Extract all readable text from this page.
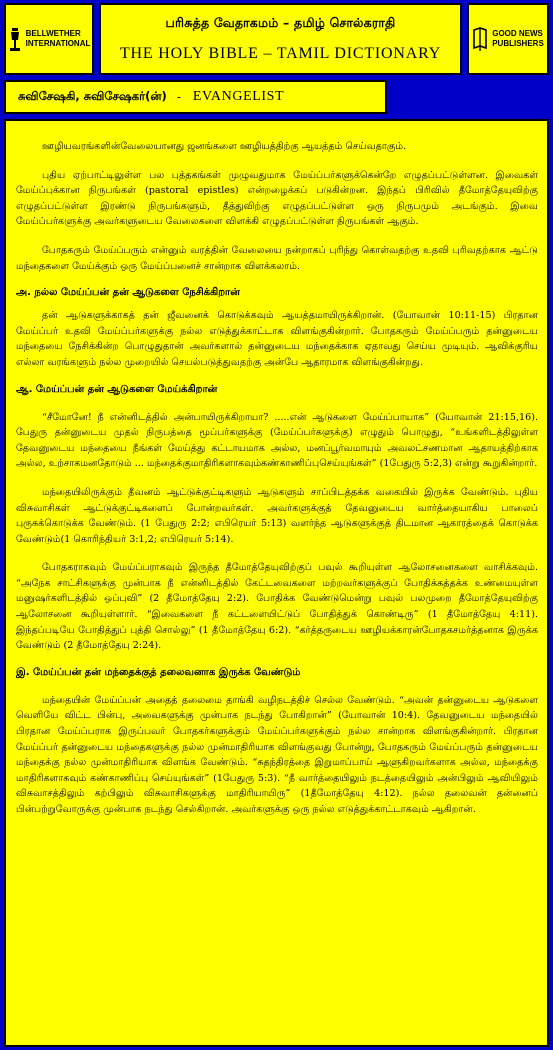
BELLWETHER
INTERNATIONAL
பரிசுத்த வேதாகமம் – தமிழ் சொல்கராதி
THE HOLY BIBLE – TAMIL DICTIONARY
GOOD NEWS
PUBLISHERS
சுவிசேஷகி, சுவிசேஷகர்(ன்) - EVANGELIST

ஊழியவரங்களின்வேலையானது ஜனங்களை ஊழியத்திற்கு ஆயத்தம் செய்வதாகும்.

புதிய ஏற்பாட்டிலுள்ள பல புத்தகங்கள் முழுவதுமாக மேய்ப்பர்களுக்கென்றே எழுதப்பட்டுள்ளன. இவைகள் மேய்ப்புக்கான நிருபங்கள் (pastoral epistles) என்றழைக்கப் படுகின்றன. இந்தப் பிரிவில் தீமோத்தேயுவிற்கு எழுதப்பட்டுள்ள இரண்டு நிருபங்களும், தீத்துவிற்கு எழுதப்பட்டுள்ள ஒரு நிருபமும் அடங்கும். இவை மேய்ப்பர்களுக்கு அவர்களுடைய வேலைகளை விளக்கி எழுதப்பட்டுள்ள நிருபங்கள் ஆகும்.

போதகரும் மேய்ப்பரும் என்னும் வரத்தின் வேலையை நன்றாகப் புரிந்து கொள்வதற்கு உதவி புரிவதற்காக ஆட்டு மந்தைகளை மேய்க்கும் ஒரு மேய்ப்பனைச் சான்றாக விளக்கலாம்.

அ. நல்ல மேய்ப்பன் தன் ஆடுகளை நேசிக்கிறான்

தன் ஆடுகளுக்காகத் தன் ஜீவனைக் கொடுக்கவும் ஆயத்தமாயிருக்கிறான். (யோவான் 10:11-15) பிரதான மேய்ப்பர் உதவி மேய்ப்பர்களுக்கு நல்ல எடுத்துக்காட்டாக விளங்குகின்றார். போதகரும் மேய்ப்பரும் தன்னுடைய மந்தையை நேசிக்கின்ற பொழுதுதான் அவர்களால் தன்னுடைய மந்தைக்காக ஏதாவது செய்ய முடியும். ஆவிக்குரிய எல்லா வரங்களும் நல்ல முறையில் செயல்படுத்துவதற்கு அன்பே ஆதாரமாக விளங்குகின்றது.

ஆ. மேய்ப்பன் தன் ஆடுகளை மேய்க்கிறான்

“சீமோனே! நீ என்னிடத்தில் அன்பாயிருக்கிறாயா? .....என் ஆடுகளை மேய்ப்பாயாக” (யோவான் 21:15,16). பேதுரு தன்னுடைய முதல் நிருபத்தை மூப்பர்களுக்கு (மேய்ப்பர்களுக்கு) எழுதும் பொழுது, “உங்களிடத்திலுள்ள தேவனுடைய மந்தையை நீங்கள் மேய்த்து கட்டாயமாக அல்ல, மனப்பூர்வமாயும் அவலட்சணமான ஆதாயத்திற்காக அல்ல, உற்சாகமனதோடும் ... மந்தைக்குமாதிரிகளாகவும்கண்காணிப்புசெய்யுங்கள்” (1பேதுரு 5:2,3) என்று கூறுகின்றார்.

மந்தையிலிருக்கும் தீவனம் ஆட்டுக்குட்டிகளும் ஆடுகளும் சாப்பிடத்தக்க வகையில் இருக்க வேண்டும். புதிய விசுவாசிகள் ஆட்டுக்குட்டிகளைப் போன்றவர்கள். அவர்களுக்குத் தேவனுடைய வார்த்தையாகிய பாலைப் புருசுக்கொடுக்க வேண்டும். (1 பேதுரு 2:2; எபிரெயர் 5:13) வளர்ந்த ஆடுகளுக்குத் திடமான ஆகாரத்தைக் கொடுக்க வேண்டும்(1 கொரிந்தியர் 3:1,2; எபிரெயர் 5:14).

போதகராகவும் மேய்ப்பராகவும் இருந்த தீமோத்தேயுவிற்குப் பவுல் கூறியுள்ள ஆலோசனைகளை வாசிக்கவும். “அநேக சாட்சிகளுக்கு முன்பாக நீ என்னிடத்தில் கேட்டவைகளை மற்றவர்களுக்குப் போதிக்கத்தக்க உண்மையுள்ள மனுஷர்களிடத்தில் ஒப்புவி” (2 தீமோத்தேயு 2:2). போதிக்க வேண்டுமென்று பவுல் பலமுறை தீமோத்தேயுவிற்கு ஆலோசனை கூறியுள்ளார். “இவைகளை நீ கட்டளையிட்டுப் போதித்துக் கொண்டிரு” (1 தீமோத்தேயு 4:11). இந்தப்படியே போதித்துப் புத்தி சொல்லு” (1 தீமோத்தேயு 6:2). “கர்த்தருடைய ஊழியக்காரன்போதகசமர்த்தனாக இருக்க வேண்டும் (2 தீமோத்தேயு 2:24).

இ. மேய்ப்பன் தன் மந்தைக்குத் தலைவனாக இருக்க வேண்டும்

மந்தையின் மேய்ப்பன் அதைத் தலைமை தாங்கி வழிநடத்திச் செல்ல வேண்டும். “அவன் தன்னுடைய ஆடுகளை வெளியே விட்ட பின்பு, அவைகளுக்கு முன்பாக நடந்து போகிறான்” (யோவான் 10:4). தேவனுடைய மந்தையில் பிரதான மேய்ப்பராக இருப்பவர் போதகர்களுக்கும் மேய்ப்பர்களுக்கும் நல்ல சான்றாக விளங்குகின்றார். பிரதான மேய்ப்பர் தன்னுடைய மந்தைகளுக்கு நல்ல முன்மாதிரியாக விளங்குவது போன்று, போதகரும் மேய்ப்பரும் தன்னுடைய மந்தைக்கு நல்ல முன்மாதிரியாக விளங்க வேண்டும். “சுதந்திரத்தை இறுமாப்பாய் ஆளுகிறவர்களாக அல்ல, மந்தைக்கு மாதிரிகளாகவும் கண்காணிப்பு செய்யுங்கள்” (1பேதுரு 5:3). “நீ வார்த்தையிலும் நடத்தையிலும் அன்பிலும் ஆவியிலும் விசுவாசத்திலும் கற்பிலும் விசுவாசிகளுக்கு மாதிரியாயிரு” (1தீமோத்தேயு 4:12). நல்ல தலைவன் தன்னைப் பின்பற்றுவோருக்கு முன்பாக நடந்து செல்கிறான். அவர்களுக்கு ஒரு நல்ல எடுத்துக்காட்டாகவும் ஆகிறான்.
